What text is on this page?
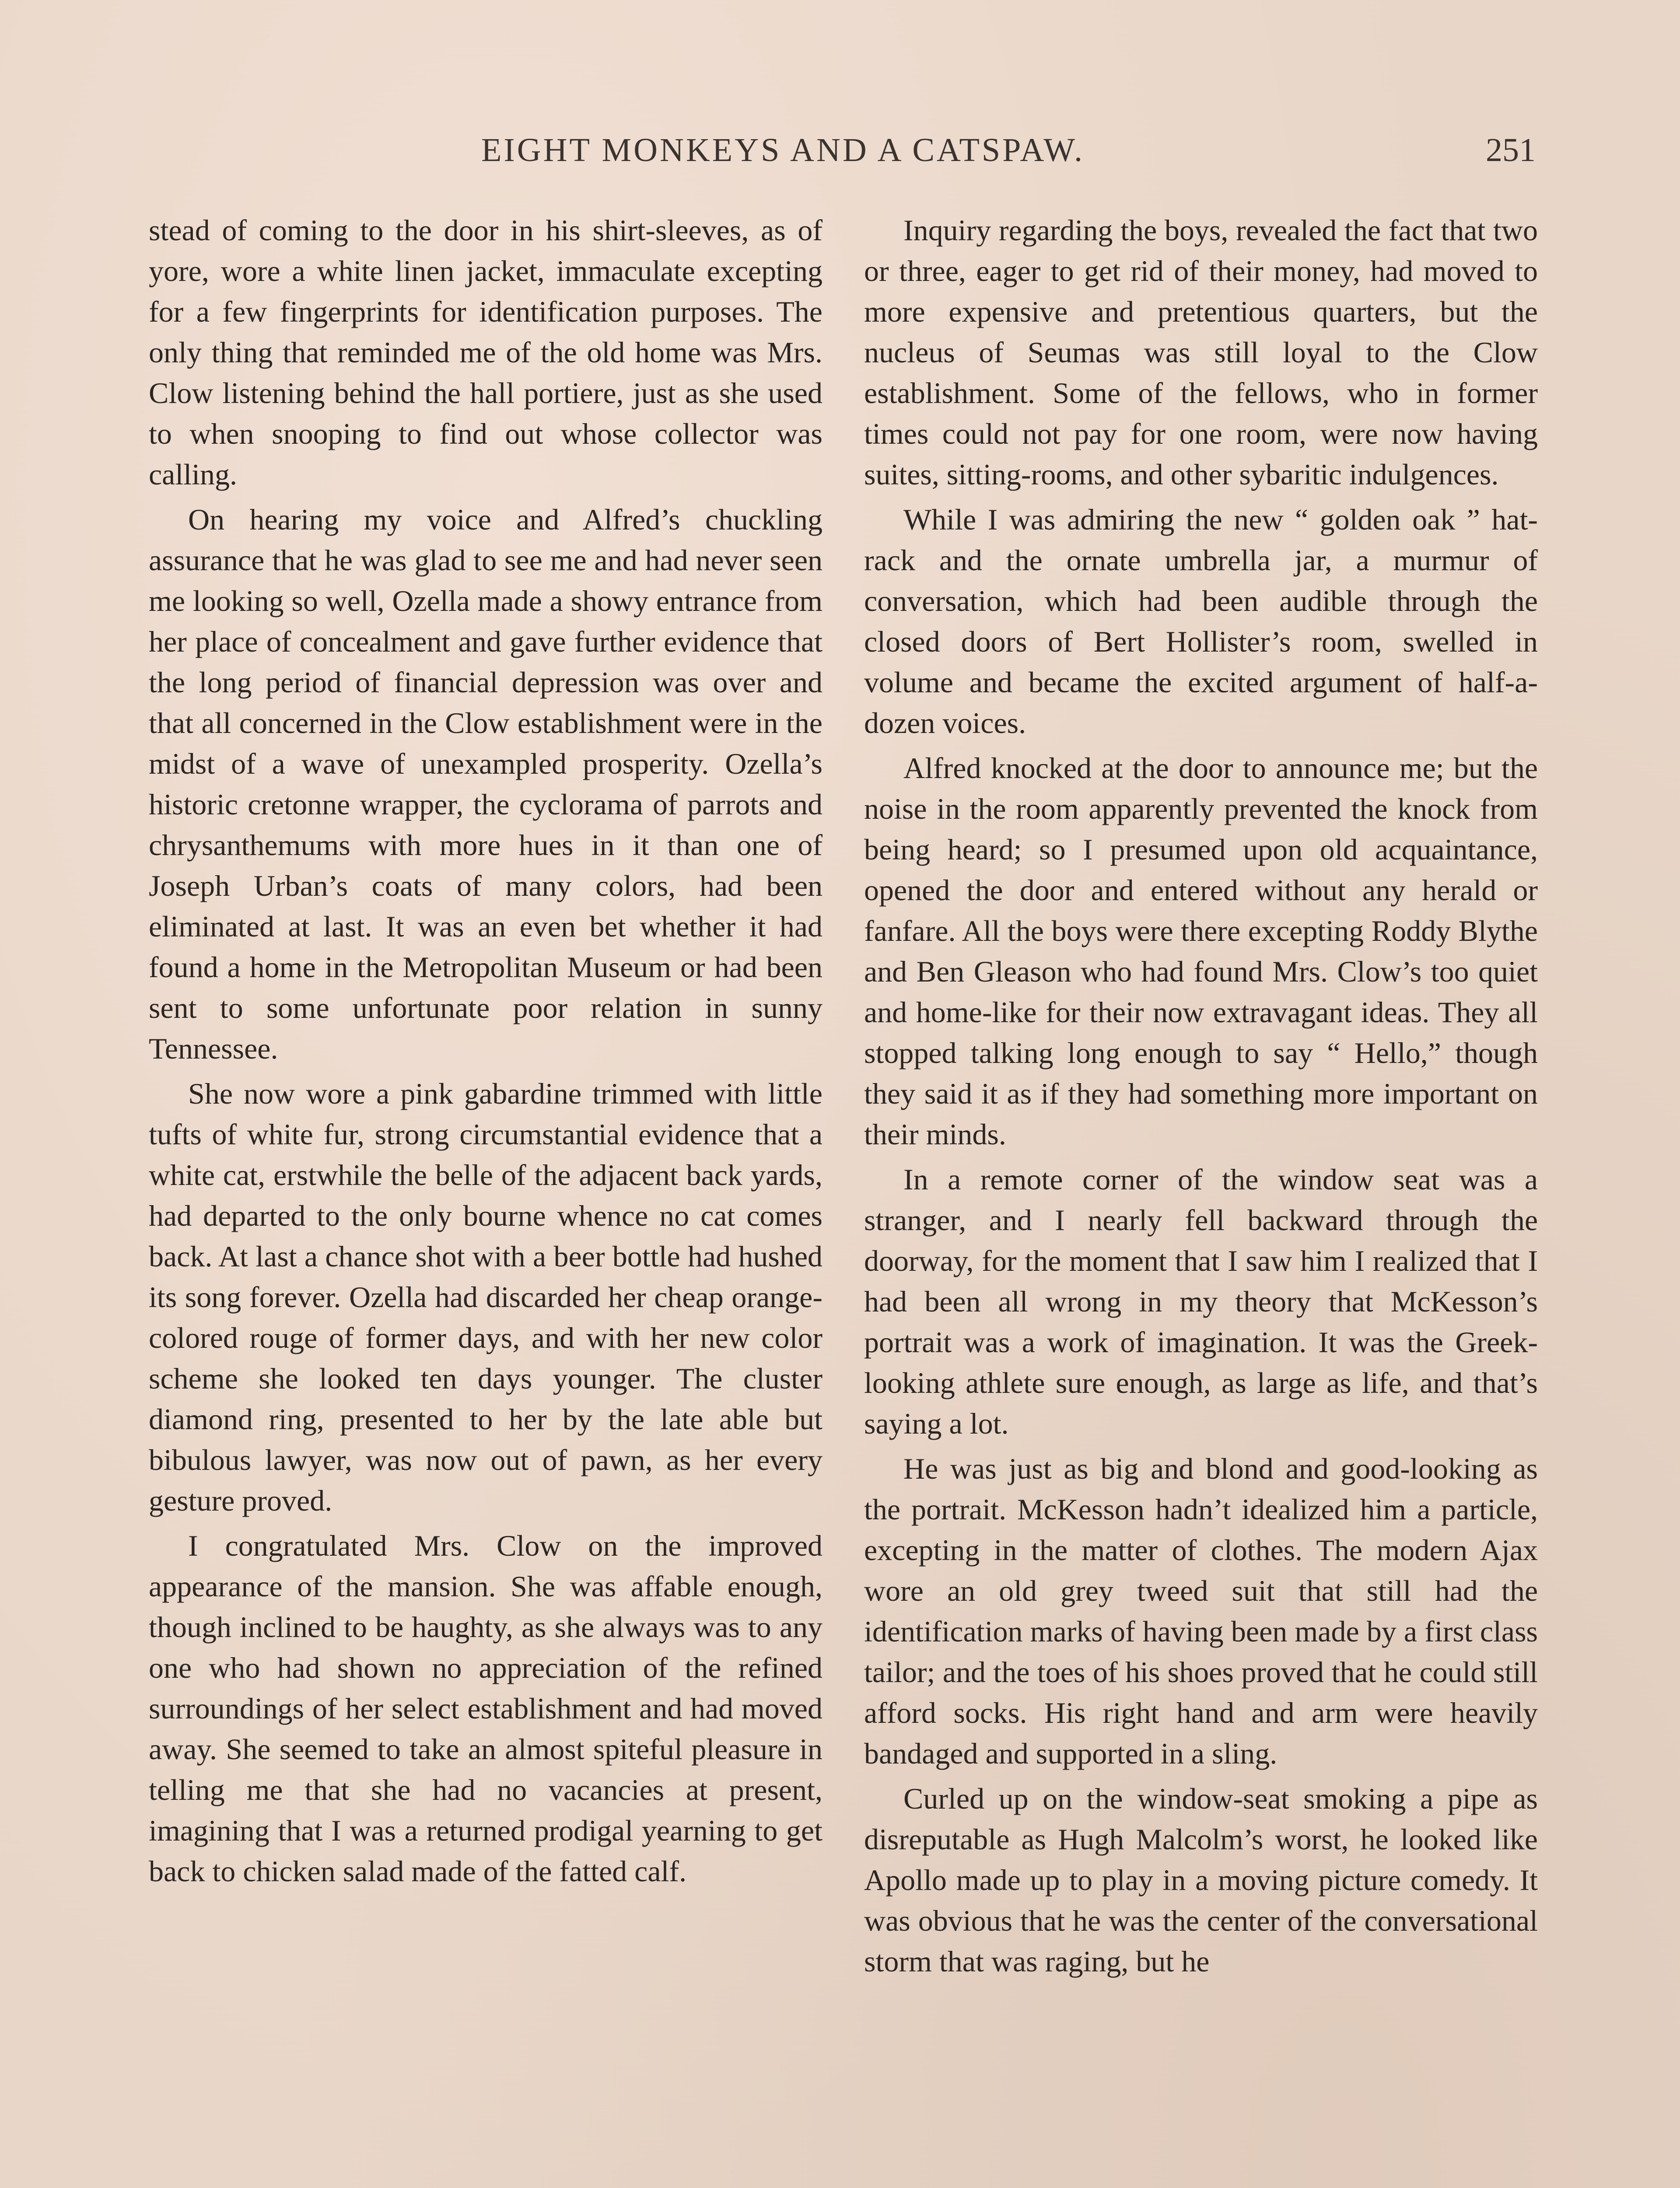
EIGHT MONKEYS AND A CATSPAW.	251

stead of coming to the door in his shirt-sleeves, as of yore, wore a white linen jacket, immaculate excepting for a few fingerprints for identification purposes. The only thing that reminded me of the old home was Mrs. Clow listening behind the hall portiere, just as she used to when snooping to find out whose collector was calling.

On hearing my voice and Alfred’s chuckling assurance that he was glad to see me and had never seen me looking so well, Ozella made a showy entrance from her place of concealment and gave further evidence that the long period of financial depression was over and that all concerned in the Clow establishment were in the midst of a wave of unexampled prosperity. Ozella’s historic cretonne wrapper, the cyclorama of parrots and chrysanthemums with more hues in it than one of Joseph Urban’s coats of many colors, had been eliminated at last. It was an even bet whether it had found a home in the Metropolitan Museum or had been sent to some unfortunate poor relation in sunny Tennessee.

She now wore a pink gabardine trimmed with little tufts of white fur, strong circumstantial evidence that a white cat, erstwhile the belle of the adjacent back yards, had departed to the only bourne whence no cat comes back. At last a chance shot with a beer bottle had hushed its song forever. Ozella had discarded her cheap orange-colored rouge of former days, and with her new color scheme she looked ten days younger. The cluster diamond ring, presented to her by the late able but bibulous lawyer, was now out of pawn, as her every gesture proved.

I congratulated Mrs. Clow on the improved appearance of the mansion. She was affable enough, though inclined to be haughty, as she always was to any one who had shown no appreciation of the refined surroundings of her select establishment and had moved away. She seemed to take an almost spiteful pleasure in telling me that she had no vacancies at present, imagining that I was a returned prodigal yearning to get back to chicken salad made of the fatted calf.

Inquiry regarding the boys, revealed the fact that two or three, eager to get rid of their money, had moved to more expensive and pretentious quarters, but the nucleus of Seumas was still loyal to the Clow establishment. Some of the fellows, who in former times could not pay for one room, were now having suites, sitting-rooms, and other sybaritic indulgences.

While I was admiring the new “ golden oak ” hat-rack and the ornate umbrella jar, a murmur of conversation, which had been audible through the closed doors of Bert Hollister’s room, swelled in volume and became the excited argument of half-a-dozen voices.

Alfred knocked at the door to announce me; but the noise in the room apparently prevented the knock from being heard; so I presumed upon old acquaintance, opened the door and entered without any herald or fanfare. All the boys were there excepting Roddy Blythe and Ben Gleason who had found Mrs. Clow’s too quiet and home-like for their now extravagant ideas. They all stopped talking long enough to say “ Hello,” though they said it as if they had something more important on their minds.

In a remote corner of the window seat was a stranger, and I nearly fell backward through the doorway, for the moment that I saw him I realized that I had been all wrong in my theory that McKesson’s portrait was a work of imagination. It was the Greek-looking athlete sure enough, as large as life, and that’s saying a lot.

He was just as big and blond and good-looking as the portrait. McKesson hadn’t idealized him a particle, excepting in the matter of clothes. The modern Ajax wore an old grey tweed suit that still had the identification marks of having been made by a first class tailor; and the toes of his shoes proved that he could still afford socks. His right hand and arm were heavily bandaged and supported in a sling.

Curled up on the window-seat smoking a pipe as disreputable as Hugh Malcolm’s worst, he looked like Apollo made up to play in a moving picture comedy. It was obvious that he was the center of the conversational storm that was raging, but he
